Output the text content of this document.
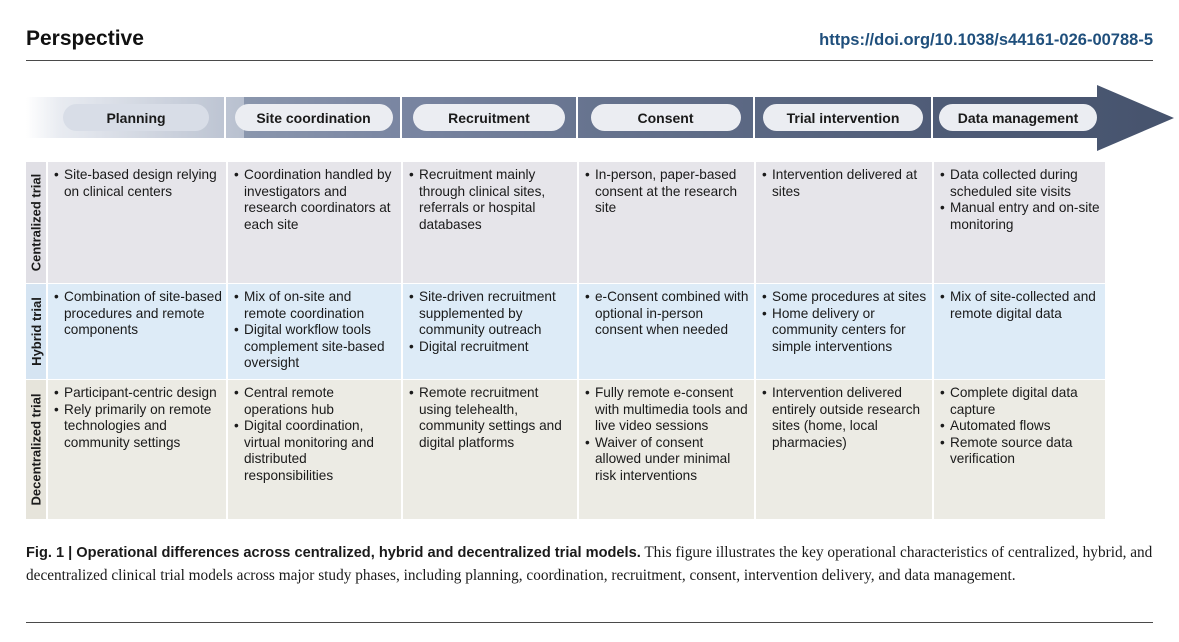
Perspective	https://doi.org/10.1038/s44161-026-00788-5
Planning	Site coordination	Recruitment	Consent	Trial intervention	Data management
Centralized trial
•	Site-based design relying on clinical centers
• Coordination handled by investigators and research coordinators at each site
• Recruitment mainly through clinical sites, referrals or hospital databases
• In-person, paper-based consent at the research site
• Intervention delivered at sites
• Data collected during scheduled site visits
• Manual entry and on-site monitoring
Hybrid trial
• Combination of site-based procedures and remote components
• Mix of on-site and remote coordination
• Digital workflow tools complement site-based oversight
• Site-driven recruitment supplemented by community outreach
• Digital recruitment
• e-Consent combined with optional in-person consent when needed
• Some procedures at sites
• Home delivery or community centers for simple interventions
• Mix of site-collected and remote digital data
Decentralized trial
• Participant-centric design
• Rely primarily on remote technologies and community settings
• Central remote operations hub
• Digital coordination, virtual monitoring and distributed responsibilities
• Remote recruitment using telehealth, community settings and digital platforms
• Fully remote e-consent with multimedia tools and live video sessions
• Waiver of consent allowed under minimal risk interventions
• Intervention delivered entirely outside research sites (home, local pharmacies)
• Complete digital data capture
• Automated flows
• Remote source data verification
Fig. 1 | Operational differences across centralized, hybrid and decentralized trial models. This figure illustrates the key operational characteristics of centralized, hybrid, and decentralized clinical trial models across major study phases, including planning, coordination, recruitment, consent, intervention delivery, and data management.
